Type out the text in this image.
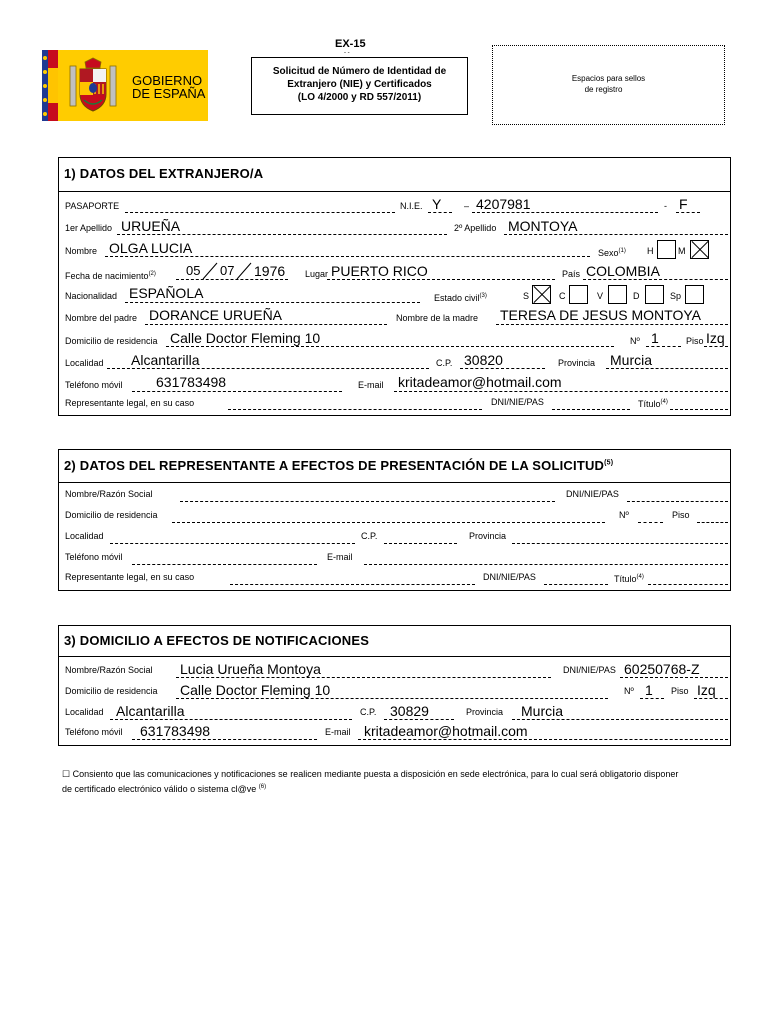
GOBIERNO
DE ESPAÑA
EX-15
- -
Solicitud de Número de Identidad de
Extranjero (NIE) y Certificados
(LO 4/2000 y RD 557/2011)
Espacios para sellos
de registro
1) DATOS DEL EXTRANJERO/A
PASAPORTE	N.I.E. Y	– 4207981	- F
1er Apellido URUEÑA	2º Apellido MONTOYA
Nombre OLGA LUCIA	Sexo$^{(1)}$ H	M
Fecha de nacimiento$^{(2)}$ 05 07 1976 Lugar PUERTO RICO	País COLOMBIA
Nacionalidad ESPAÑOLA	Estado civil$^{(3)}$	S	C	V	D	Sp
Nombre del padre DORANCE URUEÑA	Nombre de la madre TERESA DE JESUS MONTOYA
Domicilio de residencia Calle Doctor Fleming 10	Nº 1	Piso Izq
Localidad Alcantarilla	C.P. 30820	Provincia Murcia
Teléfono móvil 631783498	E-mail kritadeamor@hotmail.com
Representante legal, en su caso	DNI/NIE/PAS	Título$^{(4)}$
2) DATOS DEL REPRESENTANTE A EFECTOS DE PRESENTACIÓN DE LA SOLICITUD$^{(5)}$
Nombre/Razón Social	DNI/NIE/PAS
Domicilio de residencia	Nº	Piso
Localidad	C.P.	Provincia
Teléfono móvil	E-mail
Representante legal, en su caso	DNI/NIE/PAS	Título$^{(4)}$
3) DOMICILIO A EFECTOS DE NOTIFICACIONES
Nombre/Razón Social Lucia Urueña Montoya	DNI/NIE/PAS 60250768-Z
Domicilio de residencia Calle Doctor Fleming 10	Nº 1 Piso Izq
Localidad Alcantarilla	C.P. 30829	Provincia Murcia
Teléfono móvil 631783498	E-mail kritadeamor@hotmail.com
☐ Consiento que las comunicaciones y notificaciones se realicen mediante puesta a disposición en sede electrónica, para lo cual será obligatorio disponer
de certificado electrónico válido o sistema cl@ve $^{(6)}$
